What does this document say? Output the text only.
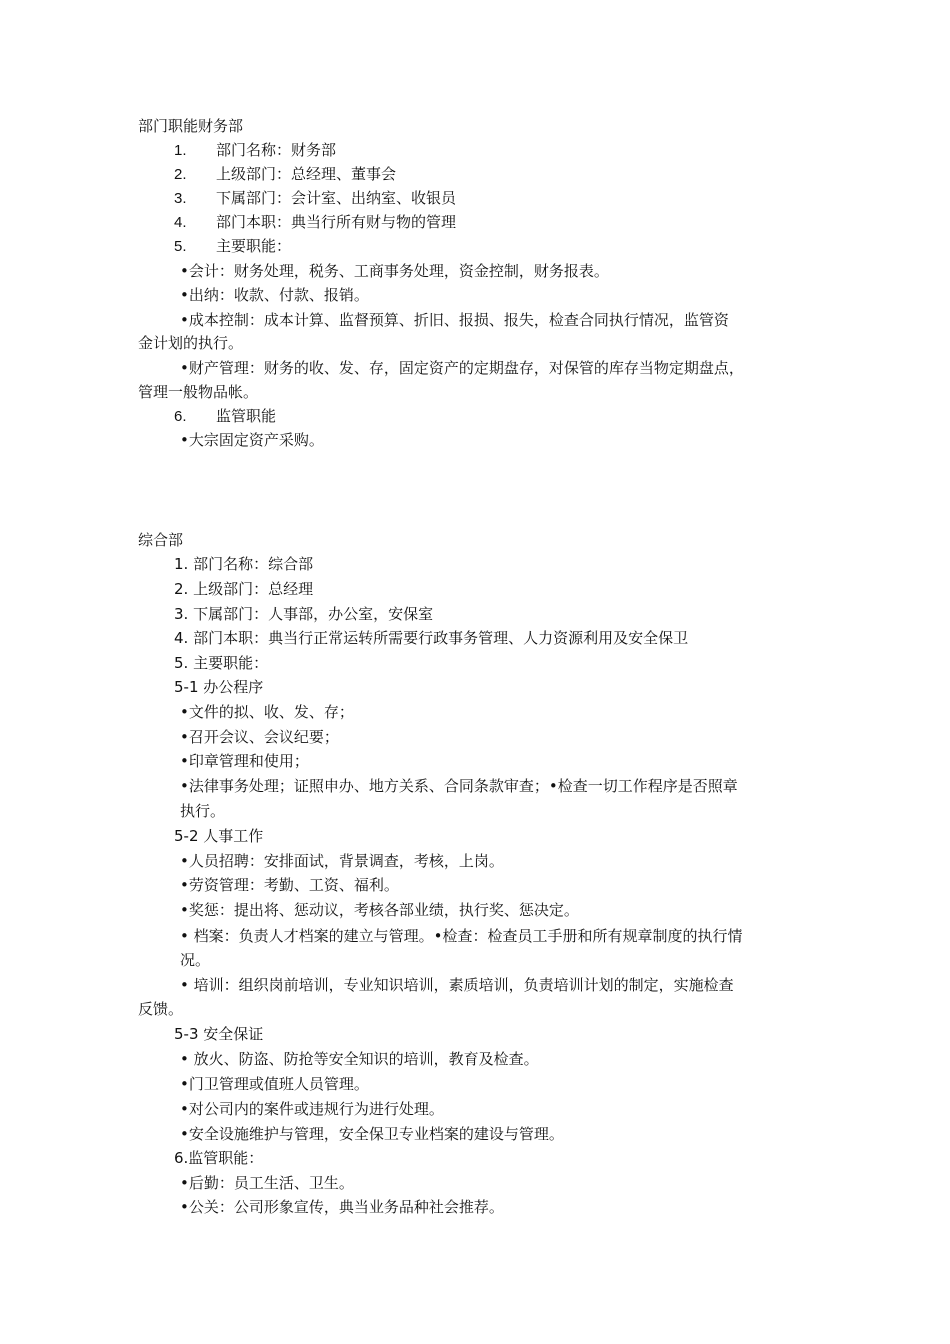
部门职能财务部
1. 部门名称：财务部
2. 上级部门：总经理、董事会
3. 下属部门：会计室、出纳室、收银员
4. 部门本职：典当行所有财与物的管理
5. 主要职能：
•会计：财务处理，税务、工商事务处理，资金控制，财务报表。
•出纳：收款、付款、报销。
•成本控制：成本计算、监督预算、折旧、报损、报失，检查合同执行情况，监管资
金计划的执行。
•财产管理：财务的收、发、存，固定资产的定期盘存，对保管的库存当物定期盘点，
管理一般物品帐。
6. 监管职能
•大宗固定资产采购。
综合部
1. 部门名称：综合部
2. 上级部门：总经理
3. 下属部门：人事部，办公室，安保室
4. 部门本职：典当行正常运转所需要行政事务管理、人力资源利用及安全保卫
5. 主要职能：
5-1 办公程序
•文件的拟、收、发、存；
•召开会议、会议纪要；
•印章管理和使用；
•法律事务处理；证照申办、地方关系、合同条款审查；•检查一切工作程序是否照章
执行。
5-2 人事工作
•人员招聘：安排面试，背景调查，考核，上岗。
•劳资管理：考勤、工资、福利。
•奖惩：提出将、惩动议，考核各部业绩，执行奖、惩决定。
• 档案：负责人才档案的建立与管理。•检查：检查员工手册和所有规章制度的执行情
况。
• 培训：组织岗前培训，专业知识培训，素质培训，负责培训计划的制定，实施检查
反馈。
5-3 安全保证
• 放火、防盗、防抢等安全知识的培训，教育及检查。
•门卫管理或值班人员管理。
•对公司内的案件或违规行为进行处理。
•安全设施维护与管理，安全保卫专业档案的建设与管理。
6.监管职能：
•后勤：员工生活、卫生。
•公关：公司形象宣传，典当业务品种社会推荐。
